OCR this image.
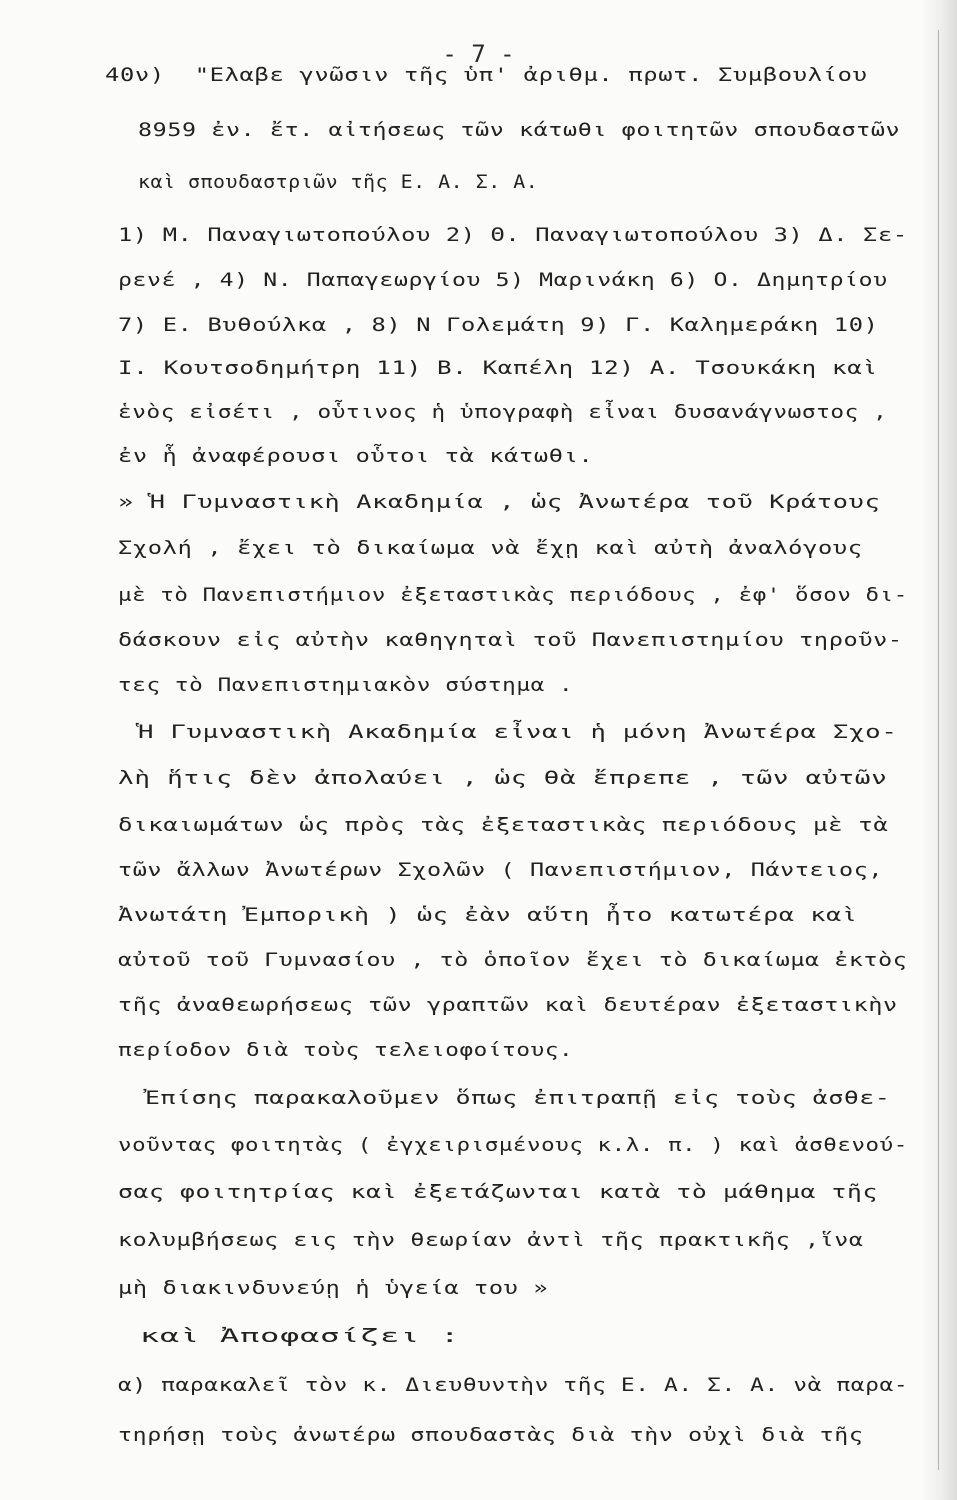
- 7 -
40ν)  "Ελαβε γνῶσιν τῆς ὑπ' ἀριθμ. πρωτ. Συμβουλίου
8959 ἐν. ἔτ. αἰτήσεως τῶν κάτωθι φοιτητῶν σπουδαστῶν
καὶ σπουδαστριῶν τῆς Ε. Α. Σ. Α.
1) Μ. Παναγιωτοπούλου 2) Θ. Παναγιωτοπούλου 3) Δ. Σε-
ρενέ , 4) Ν. Παπαγεωργίου 5) Μαρινάκη 6) Ο. Δημητρίου
7) Ε. Βυθούλκα , 8) Ν Γολεμάτη 9) Γ. Καλημεράκη 10)
Ι. Κουτσοδημήτρη 11) Β. Καπέλη 12) Α. Τσουκάκη καὶ
ἑνὸς εἰσέτι , οὗτινος ἡ ὑπογραφὴ εἶναι δυσανάγνωστος ,
ἐν ἧ ἀναφέρουσι οὗτοι τὰ κάτωθι.
» Ἡ Γυμναστικὴ Ακαδημία , ὡς Ἀνωτέρα τοῦ Κράτους
Σχολή , ἔχει τὸ δικαίωμα νὰ ἔχῃ καὶ αὐτὴ ἀναλόγους
μὲ τὸ Πανεπιστήμιον ἐξεταστικὰς περιόδους , ἐφ' ὅσον δι-
δάσκουν εἰς αὐτὴν καθηγηταὶ τοῦ Πανεπιστημίου τηροῦν-
τες τὸ Πανεπιστημιακὸν σύστημα .
Ἡ Γυμναστικὴ Ακαδημία εἶναι ἡ μόνη Ἀνωτέρα Σχο-
λὴ ἥτις δὲν ἀπολαύει , ὡς θὰ ἔπρεπε , τῶν αὐτῶν
δικαιωμάτων ὡς πρὸς τὰς ἐξεταστικὰς περιόδους μὲ τὰ
τῶν ἄλλων Ἀνωτέρων Σχολῶν ( Πανεπιστήμιον, Πάντειος,
Ἀνωτάτη Ἐμπορικὴ ) ὡς ἐὰν αὕτη ἦτο κατωτέρα καὶ
αὐτοῦ τοῦ Γυμνασίου , τὸ ὁποῖον ἔχει τὸ δικαίωμα ἐκτὸς
τῆς ἀναθεωρήσεως τῶν γραπτῶν καὶ δευτέραν ἐξεταστικὴν
περίοδον διὰ τοὺς τελειοφοίτους.
Ἐπίσης παρακαλοῦμεν ὅπως ἐπιτραπῇ εἰς τοὺς ἀσθε-
νοῦντας φοιτητὰς ( ἐγχειρισμένους κ.λ. π. ) καὶ ἀσθενού-
σας φοιτητρίας καὶ ἐξετάζωνται κατὰ τὸ μάθημα τῆς
κολυμβήσεως εις τὴν θεωρίαν ἀντὶ τῆς πρακτικῆς ,ἵνα
μὴ διακινδυνεύῃ ἡ ὑγεία του »
καὶ Ἀποφασίζει :
α) παρακαλεῖ τὸν κ. Διευθυντὴν τῆς Ε. Α. Σ. Α. νὰ παρα-
τηρήσῃ τοὺς ἀνωτέρω σπουδαστὰς διὰ τὴν οὐχὶ διὰ τῆς
